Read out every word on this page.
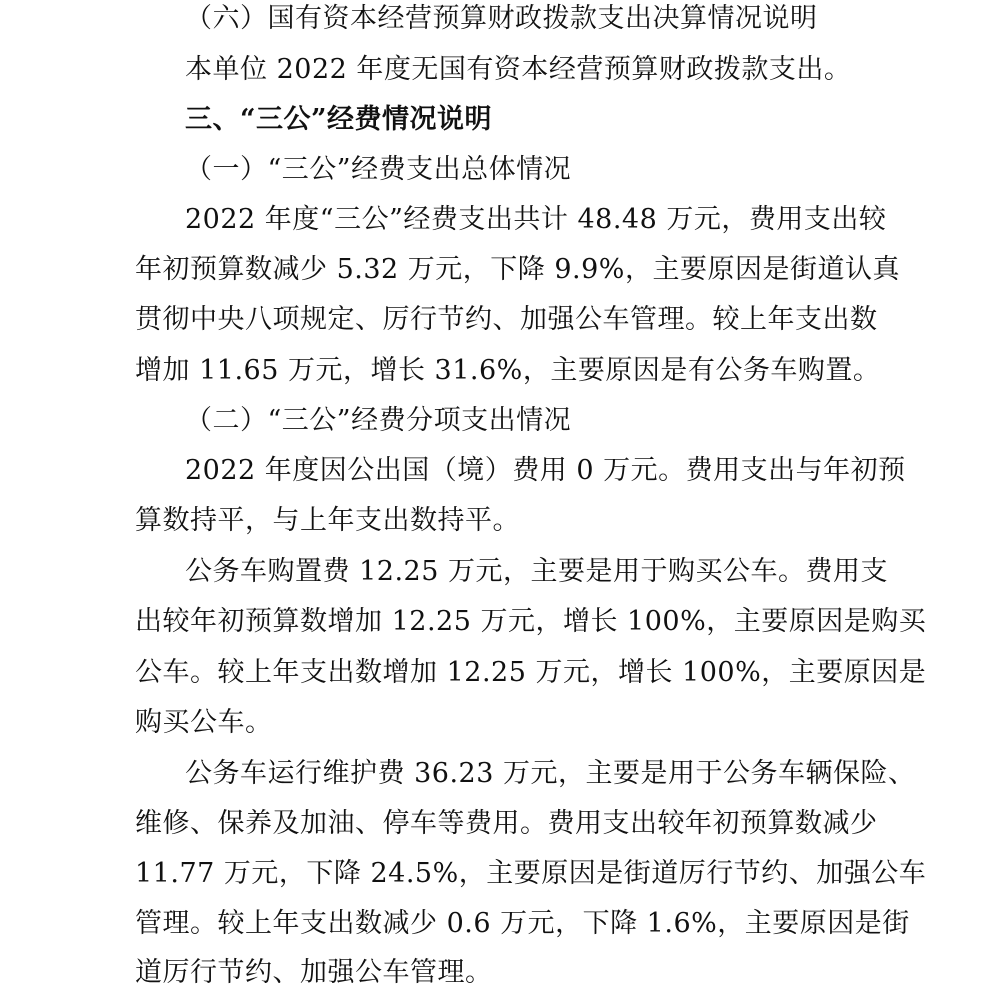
（六）国有资本经营预算财政拨款支出决算情况说明
本单位 2022 年度无国有资本经营预算财政拨款支出。
三、“三公”经费情况说明
（一）“三公”经费支出总体情况
2022 年度“三公”经费支出共计 48.48 万元，费用支出较
年初预算数减少 5.32 万元，下降 9.9%，主要原因是街道认真
贯彻中央八项规定、厉行节约、加强公车管理。较上年支出数
增加 11.65 万元，增长 31.6%，主要原因是有公务车购置。
（二）“三公”经费分项支出情况
2022 年度因公出国（境）费用 0 万元。费用支出与年初预
算数持平，与上年支出数持平。
公务车购置费 12.25 万元，主要是用于购买公车。费用支
出较年初预算数增加 12.25 万元，增长 100%，主要原因是购买
公车。较上年支出数增加 12.25 万元，增长 100%，主要原因是
购买公车。
公务车运行维护费 36.23 万元，主要是用于公务车辆保险、
维修、保养及加油、停车等费用。费用支出较年初预算数减少
11.77 万元，下降 24.5%，主要原因是街道厉行节约、加强公车
管理。较上年支出数减少 0.6 万元，下降 1.6%，主要原因是街
道厉行节约、加强公车管理。
